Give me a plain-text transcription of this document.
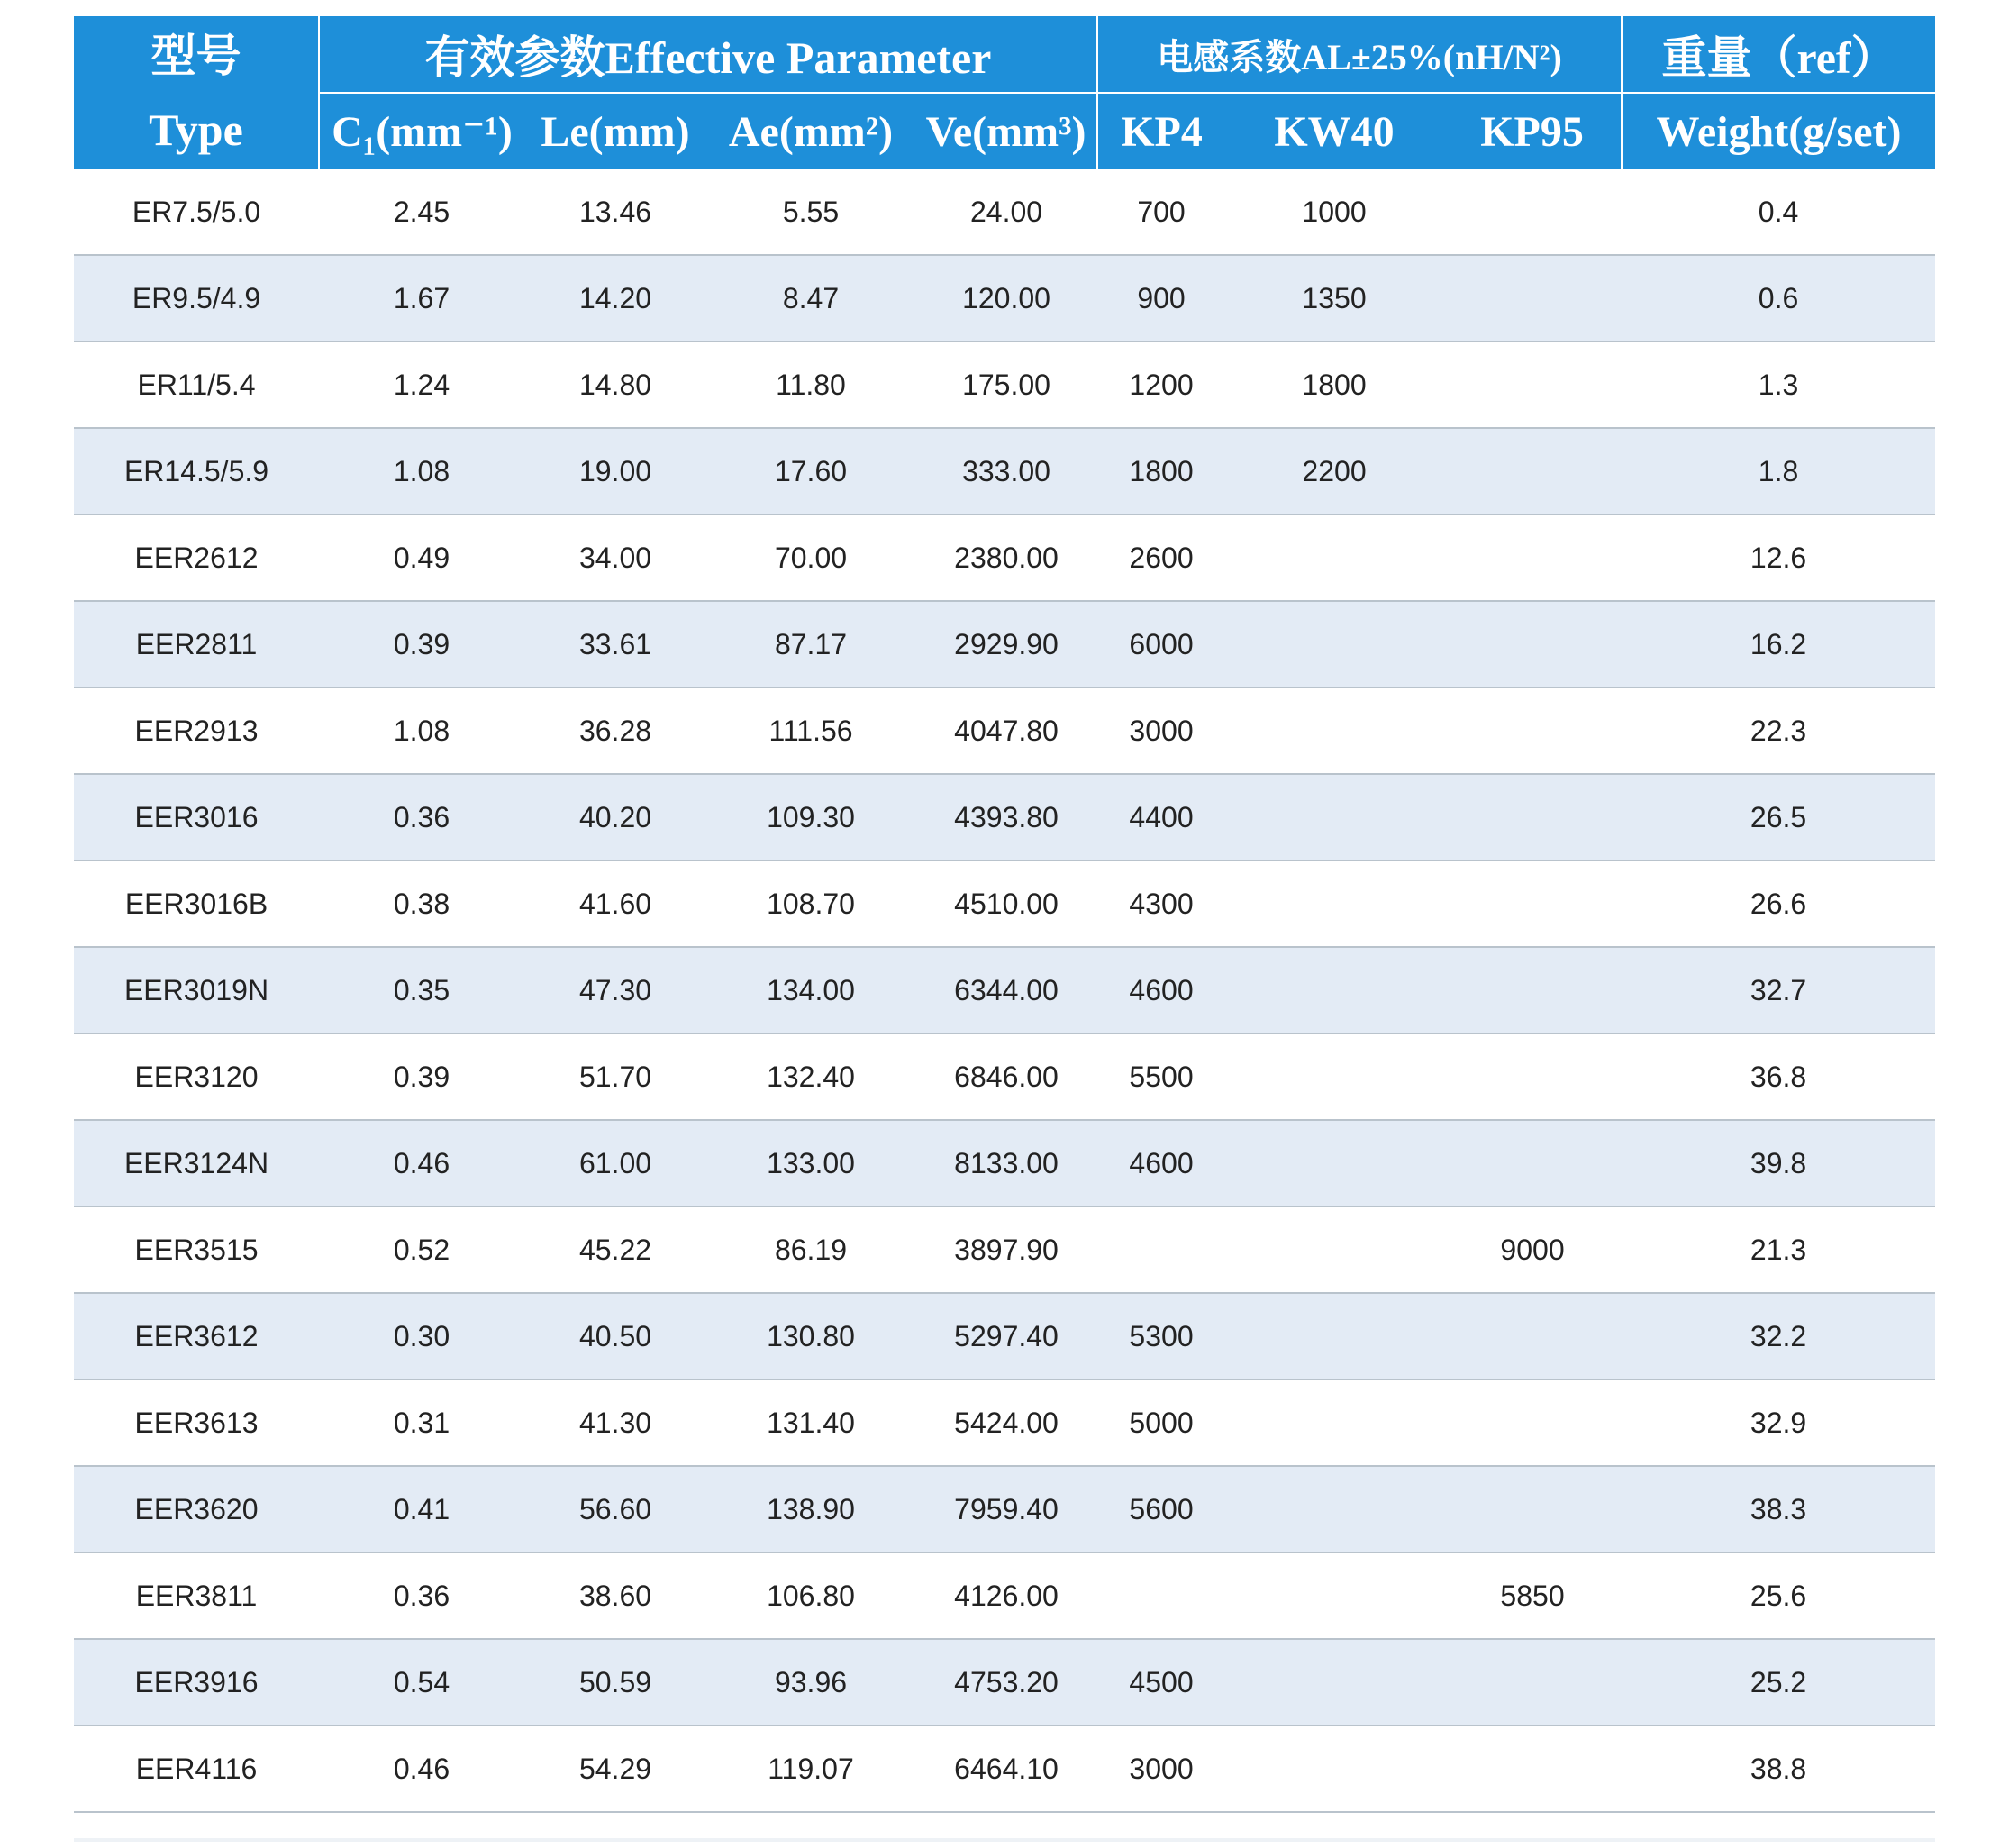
型号
Type	有效参数Effective Parameter				电感系数AL±25%(nH/N²)			重量（ref）
	C₁(mm⁻¹)	Le(mm)	Ae(mm²)	Ve(mm³)	KP4	KW40	KP95	Weight(g/set)
ER7.5/5.0	2.45	13.46	5.55	24.00	700	1000		0.4
ER9.5/4.9	1.67	14.20	8.47	120.00	900	1350		0.6
ER11/5.4	1.24	14.80	11.80	175.00	1200	1800		1.3
ER14.5/5.9	1.08	19.00	17.60	333.00	1800	2200		1.8
EER2612	0.49	34.00	70.00	2380.00	2600			12.6
EER2811	0.39	33.61	87.17	2929.90	6000			16.2
EER2913	1.08	36.28	111.56	4047.80	3000			22.3
EER3016	0.36	40.20	109.30	4393.80	4400			26.5
EER3016B	0.38	41.60	108.70	4510.00	4300			26.6
EER3019N	0.35	47.30	134.00	6344.00	4600			32.7
EER3120	0.39	51.70	132.40	6846.00	5500			36.8
EER3124N	0.46	61.00	133.00	8133.00	4600			39.8
EER3515	0.52	45.22	86.19	3897.90			9000	21.3
EER3612	0.30	40.50	130.80	5297.40	5300			32.2
EER3613	0.31	41.30	131.40	5424.00	5000			32.9
EER3620	0.41	56.60	138.90	7959.40	5600			38.3
EER3811	0.36	38.60	106.80	4126.00			5850	25.6
EER3916	0.54	50.59	93.96	4753.20	4500			25.2
EER4116	0.46	54.29	119.07	6464.10	3000			38.8
